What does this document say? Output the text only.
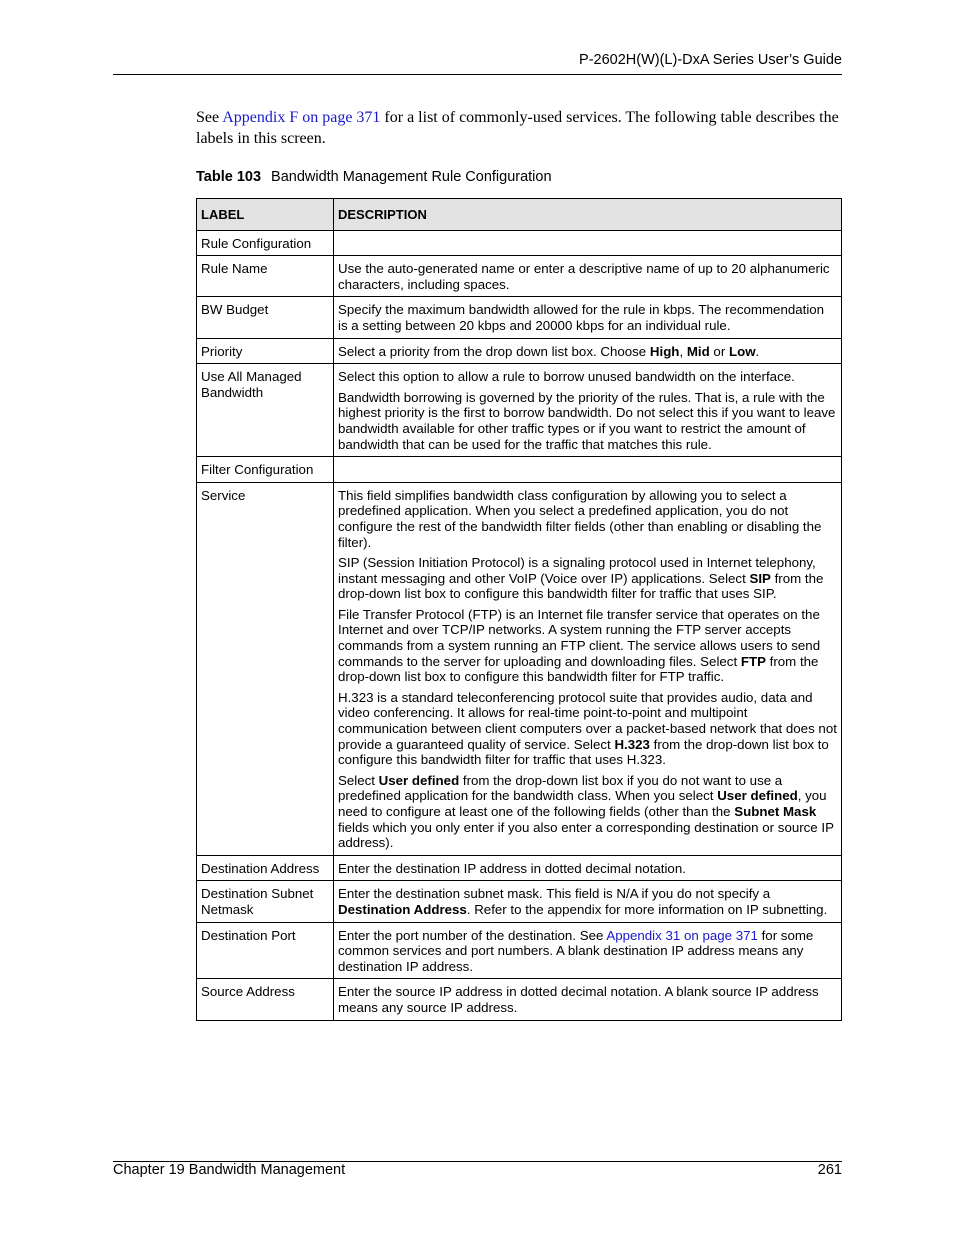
P-2602H(W)(L)-DxA Series User’s Guide
See Appendix F on page 371 for a list of commonly-used services. The following table describes the labels in this screen.
Table 103 Bandwidth Management Rule Configuration
LABEL	DESCRIPTION
Rule Configuration	
Rule Name	Use the auto-generated name or enter a descriptive name of up to 20 alphanumeric characters, including spaces.
BW Budget	Specify the maximum bandwidth allowed for the rule in kbps. The recommendation is a setting between 20 kbps and 20000 kbps for an individual rule.
Priority	Select a priority from the drop down list box. Choose High, Mid or Low.
Use All Managed Bandwidth	Select this option to allow a rule to borrow unused bandwidth on the interface.

Bandwidth borrowing is governed by the priority of the rules. That is, a rule with the highest priority is the first to borrow bandwidth. Do not select this if you want to leave bandwidth available for other traffic types or if you want to restrict the amount of bandwidth that can be used for the traffic that matches this rule.

Filter Configuration	
Service	This field simplifies bandwidth class configuration by allowing you to select a predefined application. When you select a predefined application, you do not configure the rest of the bandwidth filter fields (other than enabling or disabling the filter).

SIP (Session Initiation Protocol) is a signaling protocol used in Internet telephony, instant messaging and other VoIP (Voice over IP) applications. Select SIP from the drop-down list box to configure this bandwidth filter for traffic that uses SIP.

File Transfer Protocol (FTP) is an Internet file transfer service that operates on the Internet and over TCP/IP networks. A system running the FTP server accepts commands from a system running an FTP client. The service allows users to send commands to the server for uploading and downloading files. Select FTP from the drop-down list box to configure this bandwidth filter for FTP traffic.

H.323 is a standard teleconferencing protocol suite that provides audio, data and video conferencing. It allows for real-time point-to-point and multipoint communication between client computers over a packet-based network that does not provide a guaranteed quality of service. Select H.323 from the drop-down list box to configure this bandwidth filter for traffic that uses H.323.

Select User defined from the drop-down list box if you do not want to use a predefined application for the bandwidth class. When you select User defined, you need to configure at least one of the following fields (other than the Subnet Mask fields which you only enter if you also enter a corresponding destination or source IP address).

Destination Address	Enter the destination IP address in dotted decimal notation.
Destination Subnet Netmask	Enter the destination subnet mask. This field is N/A if you do not specify a Destination Address. Refer to the appendix for more information on IP subnetting.
Destination Port	Enter the port number of the destination. See Appendix 31 on page 371 for some common services and port numbers. A blank destination IP address means any destination IP address.
Source Address	Enter the source IP address in dotted decimal notation. A blank source IP address means any source IP address.
Chapter 19 Bandwidth Management	261
